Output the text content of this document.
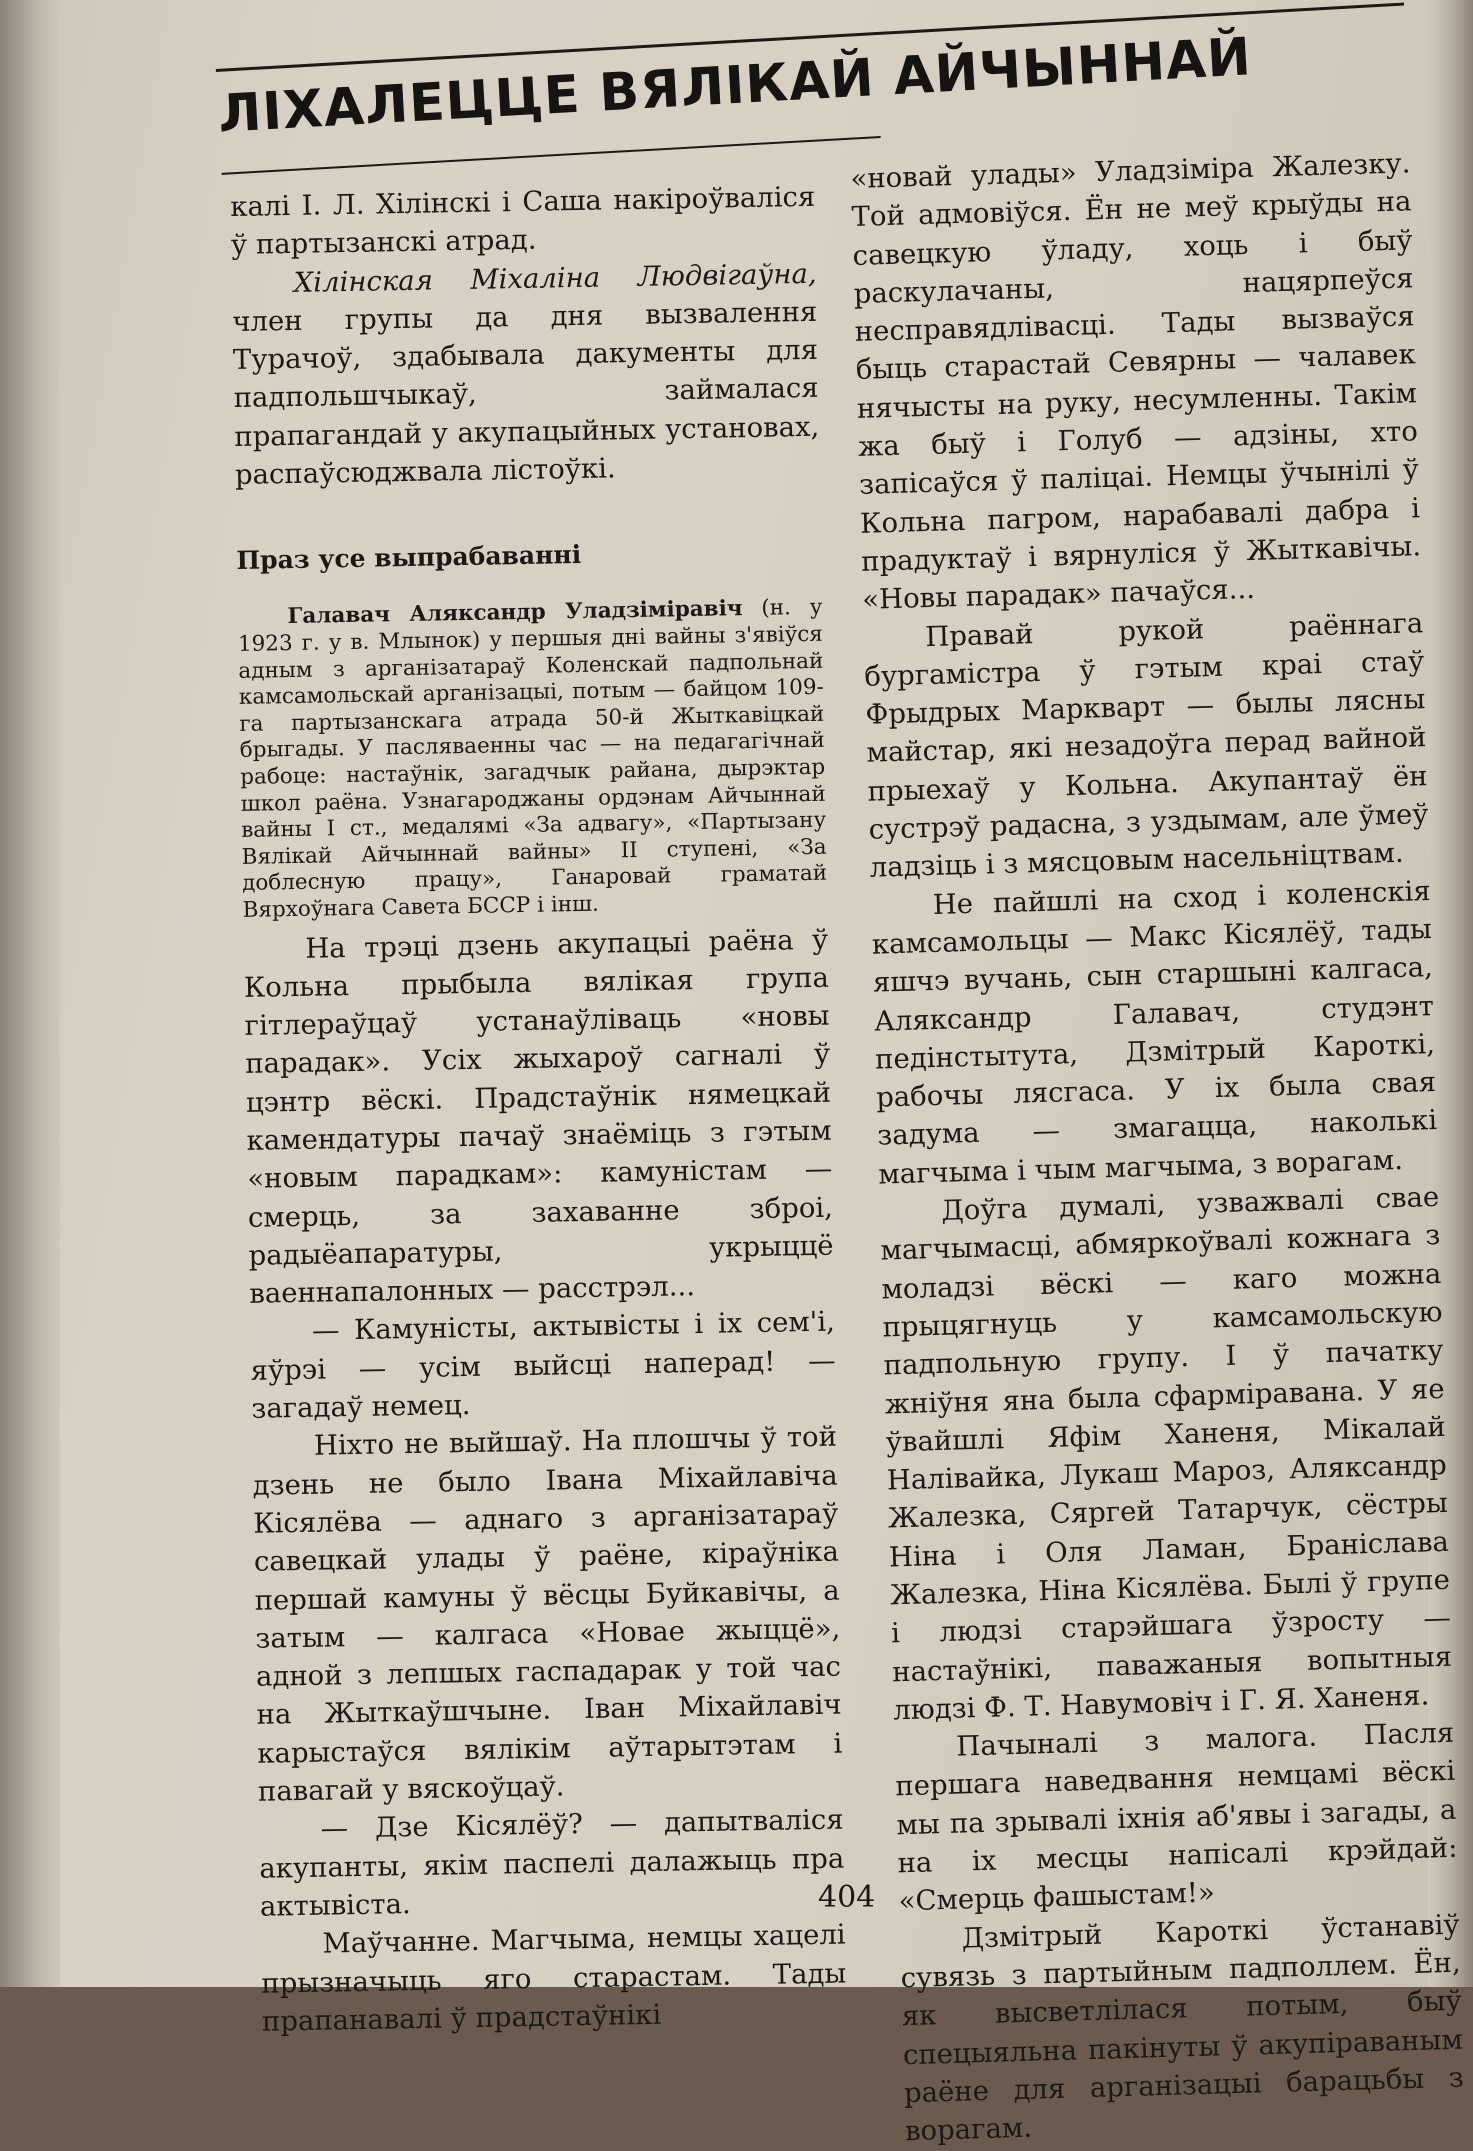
ЛІХАЛЕЦЦЕ ВЯЛІКАЙ АЙЧЫННАЙ

калі І. Л. Хілінскі і Саша накіроўваліся ў партызанскі атрад.

Хілінская Міхаліна Людвігаўна, член групы да дня вызвалення Турачоў, здабывала дакументы для падпольшчыкаў, займалася прапагандай у акупацыйных установах, распаўсюджвала лістоўкі.

Праз усе выпрабаванні

Галавач Аляксандр Уладзіміравіч (н. у 1923 г. у в. Млынок) у першыя дні вайны з'явіўся адным з арганізатараў Коленскай падпольнай камсамольскай арганізацыі, потым — байцом 109-га партызанскага атрада 50-й Жыткавіцкай брыгады. У пасляваенны час — на педагагічнай рабоце: настаўнік, загадчык райана, дырэктар школ раёна. Узнагароджаны ордэнам Айчыннай вайны І ст., медалямі «За адвагу», «Партызану Вялікай Айчыннай вайны» ІІ ступені, «За доблесную працу», Ганаровай граматай Вярхоўнага Савета БССР і інш.

На трэці дзень акупацыі раёна ў Кольна прыбыла вялікая група гітлераўцаў устанаўліваць «новы парадак». Усіх жыхароў сагналі ў цэнтр вёскі. Прадстаўнік нямецкай камендатуры пачаў знаёміць з гэтым «новым парадкам»: камуністам — смерць, за захаванне зброі, радыёапаратуры, укрыццё ваеннапалонных — расстрэл...

— Камуністы, актывісты і іх сем'і, яўрэі — усім выйсці наперад! — загадаў немец.

Ніхто не выйшаў. На плошчы ў той дзень не было Івана Міхайлавіча Кісялёва — аднаго з арганізатараў савецкай улады ў раёне, кіраўніка першай камуны ў вёсцы Буйкавічы, а затым — калгаса «Новае жыццё», адной з лепшых гаспадарак у той час на Жыткаўшчыне. Іван Міхайлавіч карыстаўся вялікім аўтарытэтам і павагай у вяскоўцаў.

— Дзе Кісялёў? — дапытваліся акупанты, якім паспелі далажыць пра актывіста.

Маўчанне. Магчыма, немцы хацелі прызначыць яго старастам. Тады прапанавалі ў прадстаўнікі

«новай улады» Уладзіміра Жалезку. Той адмовіўся. Ён не меў крыўды на савецкую ўладу, хоць і быў раскулачаны, нацярпеўся несправядлівасці. Тады вызваўся быць старастай Севярны — чалавек нячысты на руку, несумленны. Такім жа быў і Голуб — адзіны, хто запісаўся ў паліцаі. Немцы ўчынілі ў Кольна пагром, нарабавалі дабра і прадуктаў і вярнуліся ў Жыткавічы. «Новы парадак» пачаўся...

Правай рукой раённага бургамістра ў гэтым краі стаў Фрыдрых Маркварт — былы лясны майстар, які незадоўга перад вайной прыехаў у Кольна. Акупантаў ён сустрэў радасна, з уздымам, але ўмеў ладзіць і з мясцовым насельніцтвам.

Не пайшлі на сход і коленскія камсамольцы — Макс Кісялёў, тады яшчэ вучань, сын старшыні калгаса, Аляксандр Галавач, студэнт педінстытута, Дзмітрый Кароткі, рабочы лясгаса. У іх была свая задума — змагацца, наколькі магчыма і чым магчыма, з ворагам.

Доўга думалі, узважвалі свае магчымасці, абмяркоўвалі кожнага з моладзі вёскі — каго можна прыцягнуць у камсамольскую падпольную групу. І ў пачатку жніўня яна была сфарміравана. У яе ўвайшлі Яфім Ханеня, Мікалай Налівайка, Лукаш Мароз, Аляксандр Жалезка, Сяргей Татарчук, сёстры Ніна і Оля Ламан, Браніслава Жалезка, Ніна Кісялёва. Былі ў групе і людзі старэйшага ўзросту — настаўнікі, паважаныя вопытныя людзі Ф. Т. Навумовіч і Г. Я. Ханеня.

Пачыналі з малога. Пасля першага наведвання немцамі вёскі мы па зрывалі іхнія аб'явы і загады, а на іх месцы напісалі крэйдай: «Смерць фашыстам!»

Дзмітрый Кароткі ўстанавіў сувязь з партыйным падполлем. Ён, як высветлілася потым, быў спецыяльна пакінуты ў акупіраваным раёне для арганізацыі барацьбы з ворагам.

404
